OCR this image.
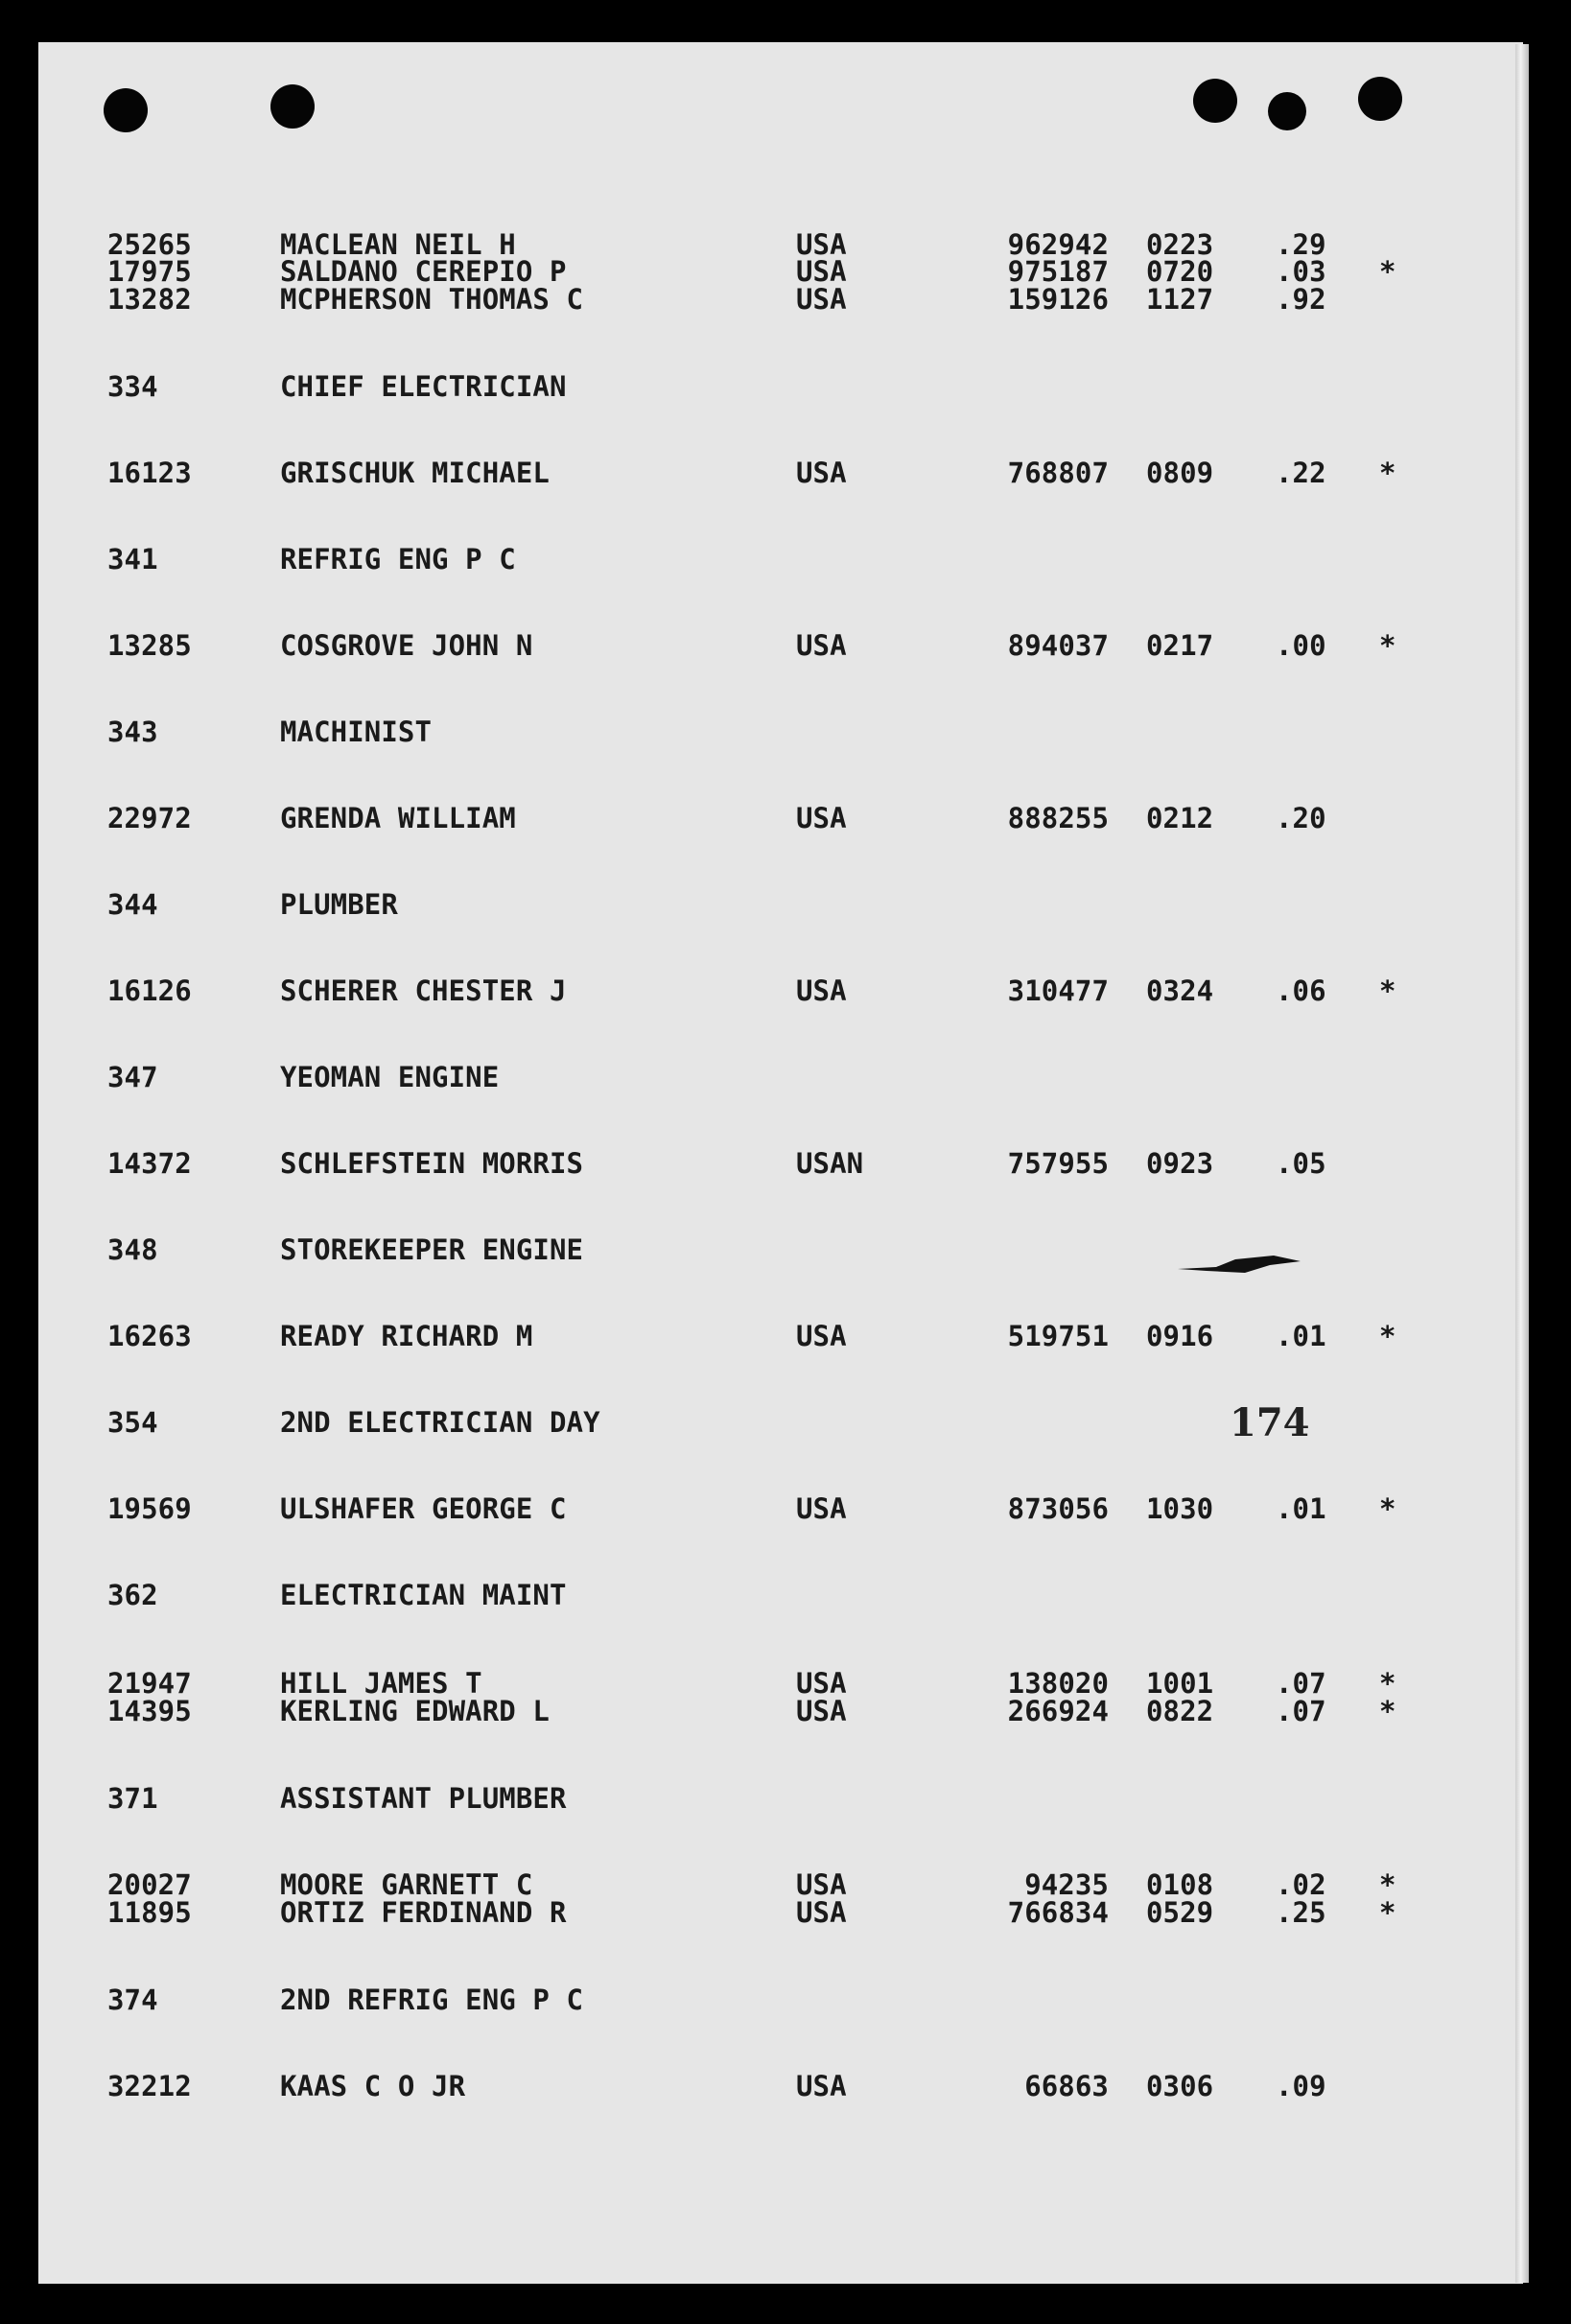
25265	MACLEAN NEIL H	USA	962942 0223 .29
17975	SALDANO CEREPIO P	USA	975187 0720 .03 *
13282	MCPHERSON THOMAS C	USA	159126 1127 .92
334	CHIEF ELECTRICIAN
16123	GRISCHUK MICHAEL	USA	768807 0809 .22 *
341	REFRIG ENG P C
13285	COSGROVE JOHN N	USA	894037 0217 .00 *
343	MACHINIST
22972	GRENDA WILLIAM	USA	888255 0212 .20
344	PLUMBER
16126	SCHERER CHESTER J	USA	310477 0324 .06 *
347	YEOMAN ENGINE
14372	SCHLEFSTEIN MORRIS	USAN	757955 0923 .05
348	STOREKEEPER ENGINE
16263	READY RICHARD M	USA	519751 0916 .01 *
354	2ND ELECTRICIAN DAY
19569	ULSHAFER GEORGE C	USA	873056 1030 .01 *
362	ELECTRICIAN MAINT
21947	HILL JAMES T	USA	138020 1001 .07 *
14395	KERLING EDWARD L	USA	266924 0822 .07 *
371	ASSISTANT PLUMBER
20027	MOORE GARNETT C	USA	94235 0108 .02 *
11895	ORTIZ FERDINAND R	USA	766834 0529 .25 *
374	2ND REFRIG ENG P C
32212	KAAS C O JR	USA	66863 0306 .09
174
